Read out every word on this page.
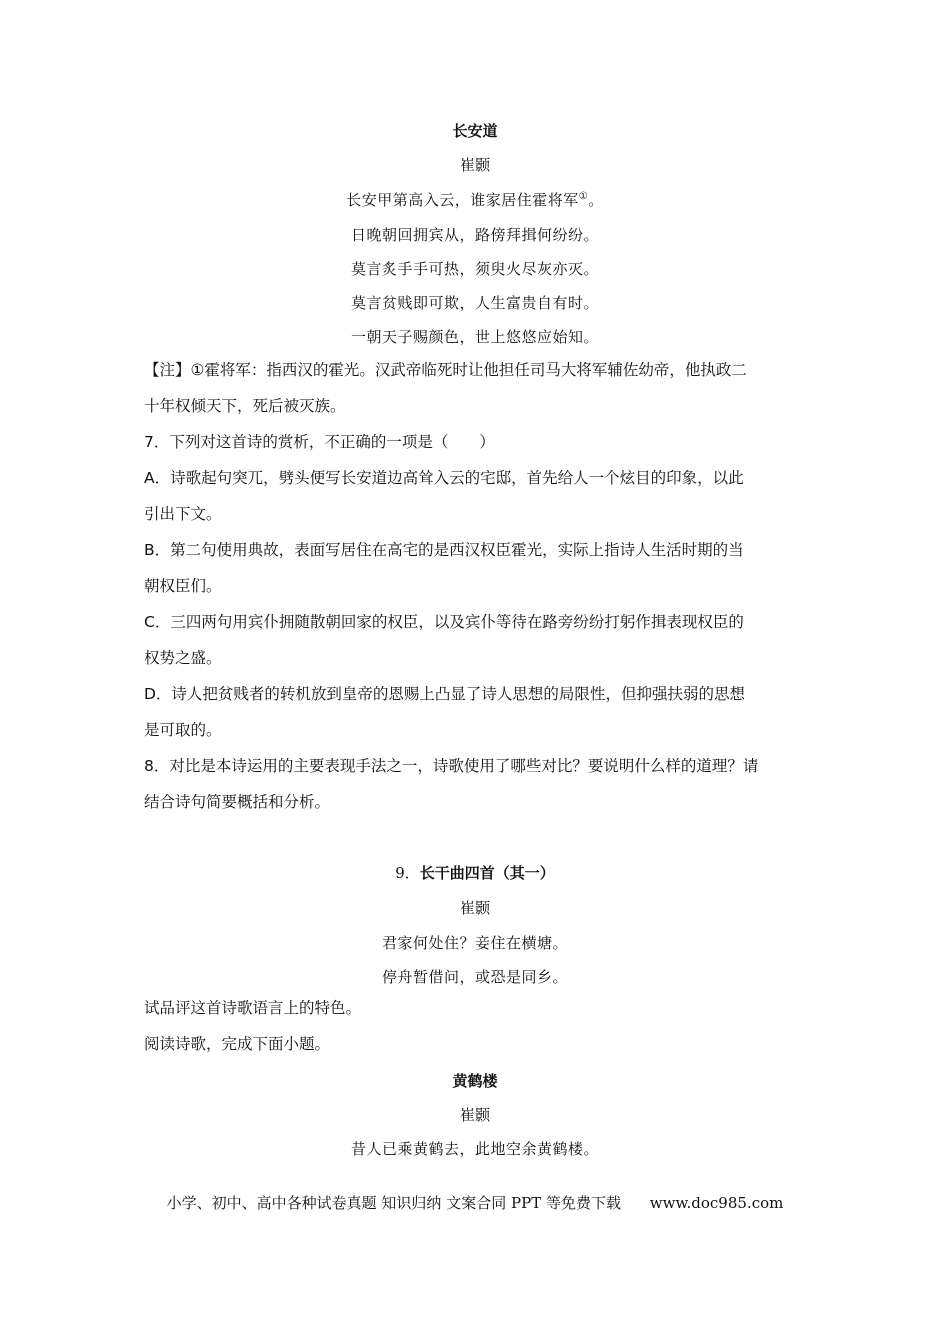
长安道
崔颢
长安甲第高入云，谁家居住霍将军①。
日晚朝回拥宾从，路傍拜揖何纷纷。
莫言炙手手可热，须臾火尽灰亦灭。
莫言贫贱即可欺，人生富贵自有时。
一朝天子赐颜色，世上悠悠应始知。
【注】①霍将军：指西汉的霍光。汉武帝临死时让他担任司马大将军辅佐幼帝，他执政二
十年权倾天下，死后被灭族。
7．下列对这首诗的赏析，不正确的一项是（　　）
A．诗歌起句突兀，劈头便写长安道边高耸入云的宅邸，首先给人一个炫目的印象，以此
引出下文。
B．第二句使用典故，表面写居住在高宅的是西汉权臣霍光，实际上指诗人生活时期的当
朝权臣们。
C．三四两句用宾仆拥随散朝回家的权臣，以及宾仆等待在路旁纷纷打躬作揖表现权臣的
权势之盛。
D．诗人把贫贱者的转机放到皇帝的恩赐上凸显了诗人思想的局限性，但抑强扶弱的思想
是可取的。
8．对比是本诗运用的主要表现手法之一，诗歌使用了哪些对比？要说明什么样的道理？请
结合诗句简要概括和分析。
9．长干曲四首（其一）
崔颢
君家何处住？妾住在横塘。
停舟暂借问，或恐是同乡。
试品评这首诗歌语言上的特色。
阅读诗歌，完成下面小题。
黄鹤楼
崔颢
昔人已乘黄鹤去，此地空余黄鹤楼。
小学、初中、高中各种试卷真题 知识归纳 文案合同 PPT 等免费下载 www.doc985.com
